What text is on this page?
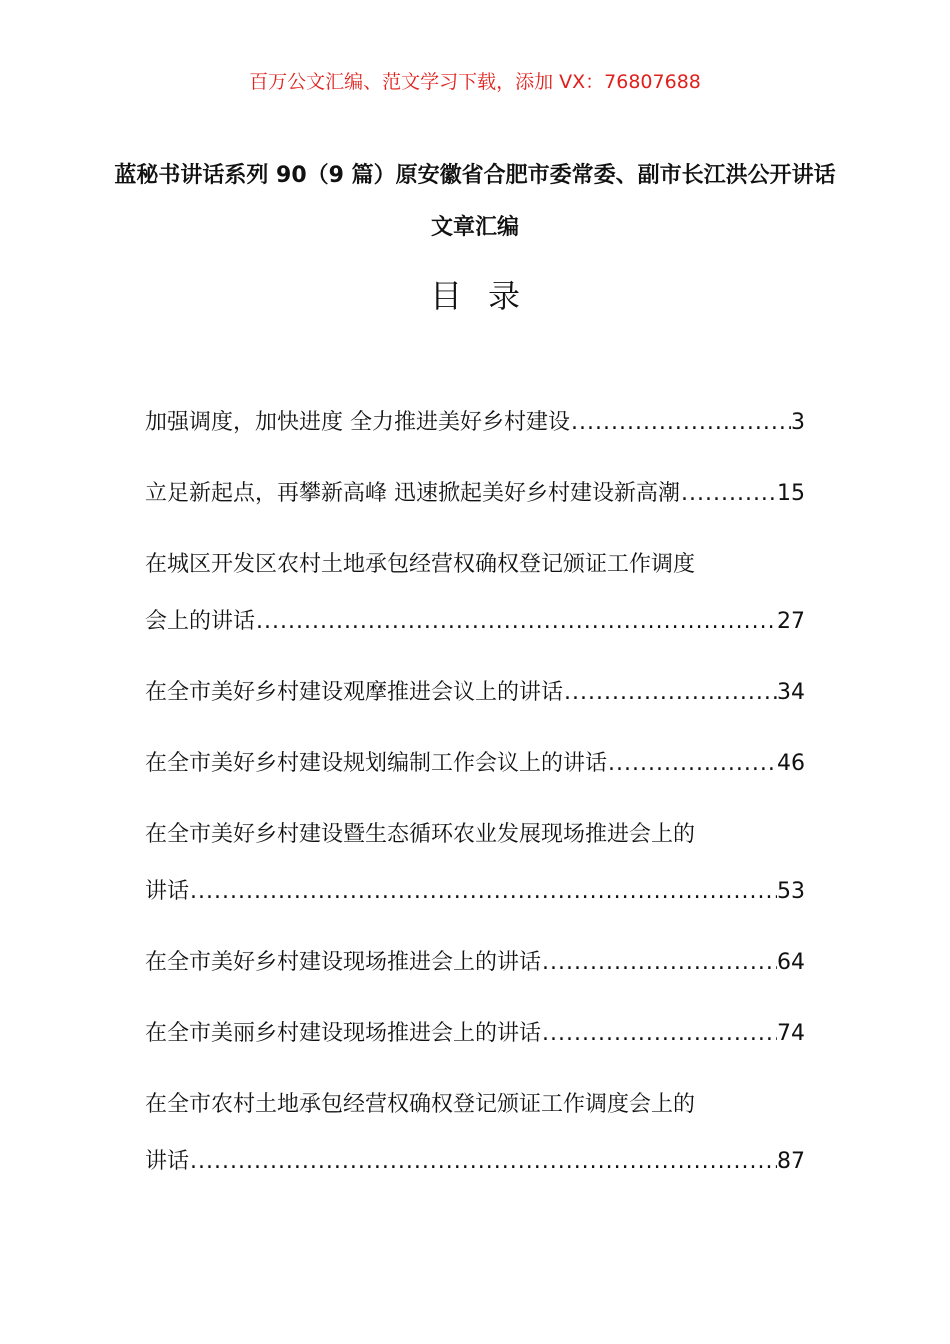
百万公文汇编、范文学习下载，添加 VX：76807688
蓝秘书讲话系列 90（9 篇）原安徽省合肥市委常委、副市长江洪公开讲话文章汇编
目录
加强调度，加快进度 全力推进美好乡村建设 .....	3
立足新起点，再攀新高峰 迅速掀起美好乡村建设新高潮 .....	15
在城区开发区农村土地承包经营权确权登记颁证工作调度
会上的讲话 .....	27
在全市美好乡村建设观摩推进会议上的讲话 .....	34
在全市美好乡村建设规划编制工作会议上的讲话 .....	46
在全市美好乡村建设暨生态循环农业发展现场推进会上的
讲话 .....	53
在全市美好乡村建设现场推进会上的讲话 .....	64
在全市美丽乡村建设现场推进会上的讲话 .....	74
在全市农村土地承包经营权确权登记颁证工作调度会上的
讲话 .....	87
